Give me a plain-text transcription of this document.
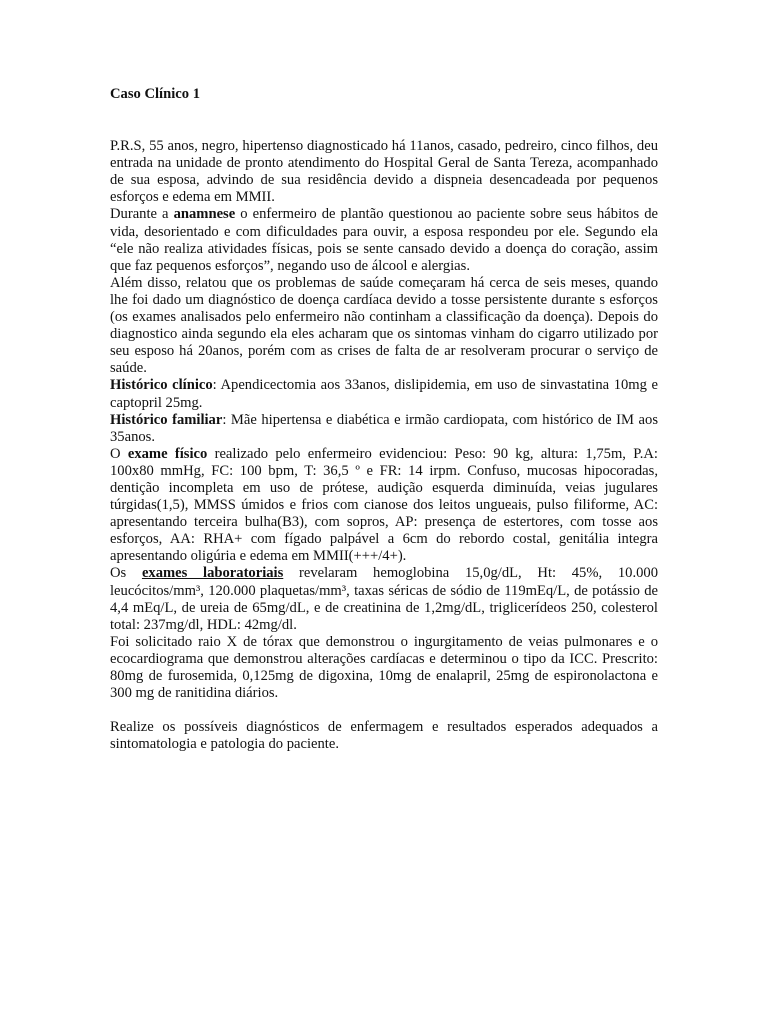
Caso Clínico 1

P.R.S, 55 anos, negro, hipertenso diagnosticado há 11anos, casado, pedreiro, cinco filhos, deu entrada na unidade de pronto atendimento do Hospital Geral de Santa Tereza, acompanhado de sua esposa, advindo de sua residência devido a dispneia desencadeada por pequenos esforços e edema em MMII.

Durante a anamnese o enfermeiro de plantão questionou ao paciente sobre seus hábitos de vida, desorientado e com dificuldades para ouvir, a esposa respondeu por ele. Segundo ela “ele não realiza atividades físicas, pois se sente cansado devido a doença do coração, assim que faz pequenos esforços”, negando uso de álcool e alergias.

Além disso, relatou que os problemas de saúde começaram há cerca de seis meses, quando lhe foi dado um diagnóstico de doença cardíaca devido a tosse persistente durante s esforços (os exames analisados pelo enfermeiro não continham a classificação da doença). Depois do diagnostico ainda segundo ela eles acharam que os sintomas vinham do cigarro utilizado por seu esposo há 20anos, porém com as crises de falta de ar resolveram procurar o serviço de saúde.

Histórico clínico: Apendicectomia aos 33anos, dislipidemia, em uso de sinvastatina 10mg e captopril 25mg.

Histórico familiar: Mãe hipertensa e diabética e irmão cardiopata, com histórico de IM aos 35anos.

O exame físico realizado pelo enfermeiro evidenciou: Peso: 90 kg, altura: 1,75m, P.A: 100x80 mmHg, FC: 100 bpm, T: 36,5 º e FR: 14 irpm. Confuso, mucosas hipocoradas, dentição incompleta em uso de prótese, audição esquerda diminuída, veias jugulares túrgidas(1,5), MMSS úmidos e frios com cianose dos leitos ungueais, pulso filiforme, AC: apresentando terceira bulha(B3), com sopros, AP: presença de estertores, com tosse aos esforços, AA: RHA+ com fígado palpável a 6cm do rebordo costal, genitália integra apresentando oligúria e edema em MMII(+++/4+).

Os exames laboratoriais revelaram hemoglobina 15,0g/dL, Ht: 45%, 10.000 leucócitos/mm³, 120.000 plaquetas/mm³, taxas séricas de sódio de 119mEq/L, de potássio de 4,4 mEq/L, de ureia de 65mg/dL, e de creatinina de 1,2mg/dL, triglicerídeos 250, colesterol total: 237mg/dl, HDL: 42mg/dl.

Foi solicitado raio X de tórax que demonstrou o ingurgitamento de veias pulmonares e o ecocardiograma que demonstrou alterações cardíacas e determinou o tipo da ICC. Prescrito: 80mg de furosemida, 0,125mg de digoxina, 10mg de enalapril, 25mg de espironolactona e 300 mg de ranitidina diários.

Realize os possíveis diagnósticos de enfermagem e resultados esperados adequados a sintomatologia e patologia do paciente.
